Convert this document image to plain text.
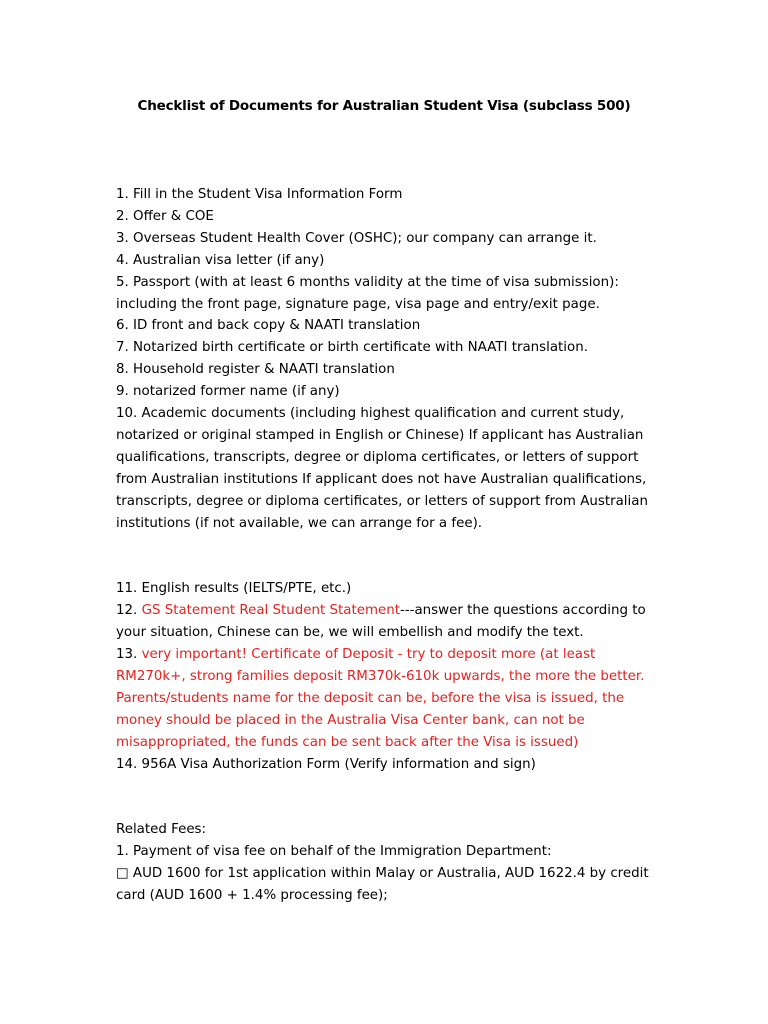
Checklist of Documents for Australian Student Visa (subclass 500)

1. Fill in the Student Visa Information Form

2. Offer & COE

3. Overseas Student Health Cover (OSHC); our company can arrange it.

4. Australian visa letter (if any)

5. Passport (with at least 6 months validity at the time of visa submission): including the front page, signature page, visa page and entry/exit page.

6. ID front and back copy & NAATI translation

7. Notarized birth certificate or birth certificate with NAATI translation.

8. Household register & NAATI translation

9. notarized former name (if any)

10. Academic documents (including highest qualification and current study, notarized or original stamped in English or Chinese) If applicant has Australian qualifications, transcripts, degree or diploma certificates, or letters of support from Australian institutions If applicant does not have Australian qualifications, transcripts, degree or diploma certificates, or letters of support from Australian institutions (if not available, we can arrange for a fee).

11. English results (IELTS/PTE, etc.)

12. GS Statement Real Student Statement---answer the questions according to your situation, Chinese can be, we will embellish and modify the text.

13. very important! Certificate of Deposit - try to deposit more (at least RM270k+, strong families deposit RM370k-610k upwards, the more the better. Parents/students name for the deposit can be, before the visa is issued, the money should be placed in the Australia Visa Center bank, can not be misappropriated, the funds can be sent back after the Visa is issued)

14. 956A Visa Authorization Form (Verify information and sign)

Related Fees:

1. Payment of visa fee on behalf of the Immigration Department:

□ AUD 1600 for 1st application within Malay or Australia, AUD 1622.4 by credit card (AUD 1600 + 1.4% processing fee);
